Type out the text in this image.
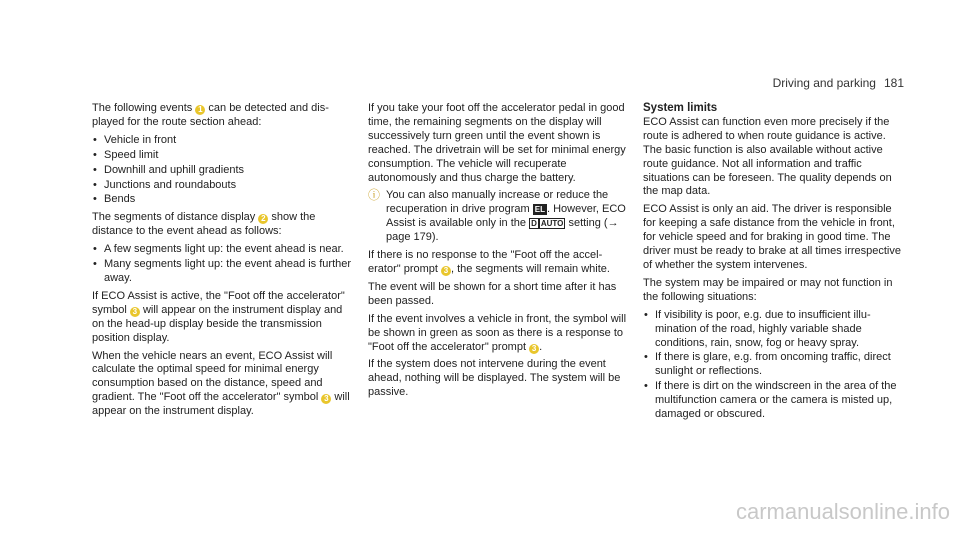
Driving and parking 181

The following events 1 can be detected and displayed for the route section ahead:

• Vehicle in front
• Speed limit
• Downhill and uphill gradients
• Junctions and roundabouts
• Bends

The segments of distance display 2 show the distance to the event ahead as follows:

• A few segments light up: the event ahead is near.
• Many segments light up: the event ahead is further away.

If ECO Assist is active, the "Foot off the accelerator" symbol 3 will appear on the instrument display and on the head-up display beside the transmission position display.

When the vehicle nears an event, ECO Assist will calculate the optimal speed for minimal energy consumption based on the distance, speed and gradient. The "Foot off the accelerator" symbol 3 will appear on the instrument display.

If you take your foot off the accelerator pedal in good time, the remaining segments on the display will successively turn green until the event shown is reached. The drivetrain will be set for minimal energy consumption. The vehicle will recuperate autonomously and thus charge the battery.

ⓘ You can also manually increase or reduce the recuperation in drive program EL . However, ECO Assist is available only in the D AUTO setting (→ page 179).

If there is no response to the "Foot off the accelerator" prompt 3 , the segments will remain white.

The event will be shown for a short time after it has been passed.

If the event involves a vehicle in front, the symbol will be shown in green as soon as there is a response to "Foot off the accelerator" prompt 3 .

If the system does not intervene during the event ahead, nothing will be displayed. The system will be passive.

System limits

ECO Assist can function even more precisely if the route is adhered to when route guidance is active. The basic function is also available without active route guidance. Not all information and traffic situations can be foreseen. The quality depends on the map data.

ECO Assist is only an aid. The driver is responsible for keeping a safe distance from the vehicle in front, for vehicle speed and for braking in good time. The driver must be ready to brake at all times irrespective of whether the system intervenes.

The system may be impaired or may not function in the following situations:

• If visibility is poor, e.g. due to insufficient illumination of the road, highly variable shade conditions, rain, snow, fog or heavy spray.
• If there is glare, e.g. from oncoming traffic, direct sunlight or reflections.
• If there is dirt on the windscreen in the area of the multifunction camera or the camera is misted up, damaged or obscured.
carmanualsonline.info
